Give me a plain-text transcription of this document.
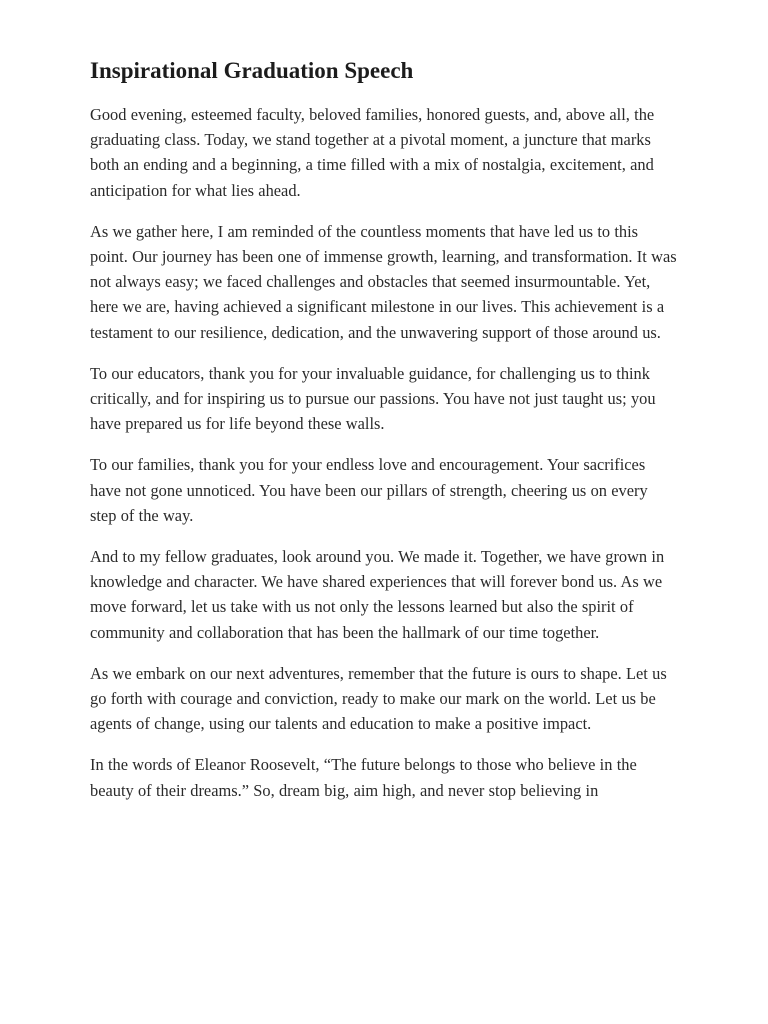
Inspirational Graduation Speech

Good evening, esteemed faculty, beloved families, honored guests, and, above all, the graduating class. Today, we stand together at a pivotal moment, a juncture that marks both an ending and a beginning, a time filled with a mix of nostalgia, excitement, and anticipation for what lies ahead.

As we gather here, I am reminded of the countless moments that have led us to this point. Our journey has been one of immense growth, learning, and transformation. It was not always easy; we faced challenges and obstacles that seemed insurmountable. Yet, here we are, having achieved a significant milestone in our lives. This achievement is a testament to our resilience, dedication, and the unwavering support of those around us.

To our educators, thank you for your invaluable guidance, for challenging us to think critically, and for inspiring us to pursue our passions. You have not just taught us; you have prepared us for life beyond these walls.

To our families, thank you for your endless love and encouragement. Your sacrifices have not gone unnoticed. You have been our pillars of strength, cheering us on every step of the way.

And to my fellow graduates, look around you. We made it. Together, we have grown in knowledge and character. We have shared experiences that will forever bond us. As we move forward, let us take with us not only the lessons learned but also the spirit of community and collaboration that has been the hallmark of our time together.

As we embark on our next adventures, remember that the future is ours to shape. Let us go forth with courage and conviction, ready to make our mark on the world. Let us be agents of change, using our talents and education to make a positive impact.

In the words of Eleanor Roosevelt, “The future belongs to those who believe in the beauty of their dreams.” So, dream big, aim high, and never stop believing in
